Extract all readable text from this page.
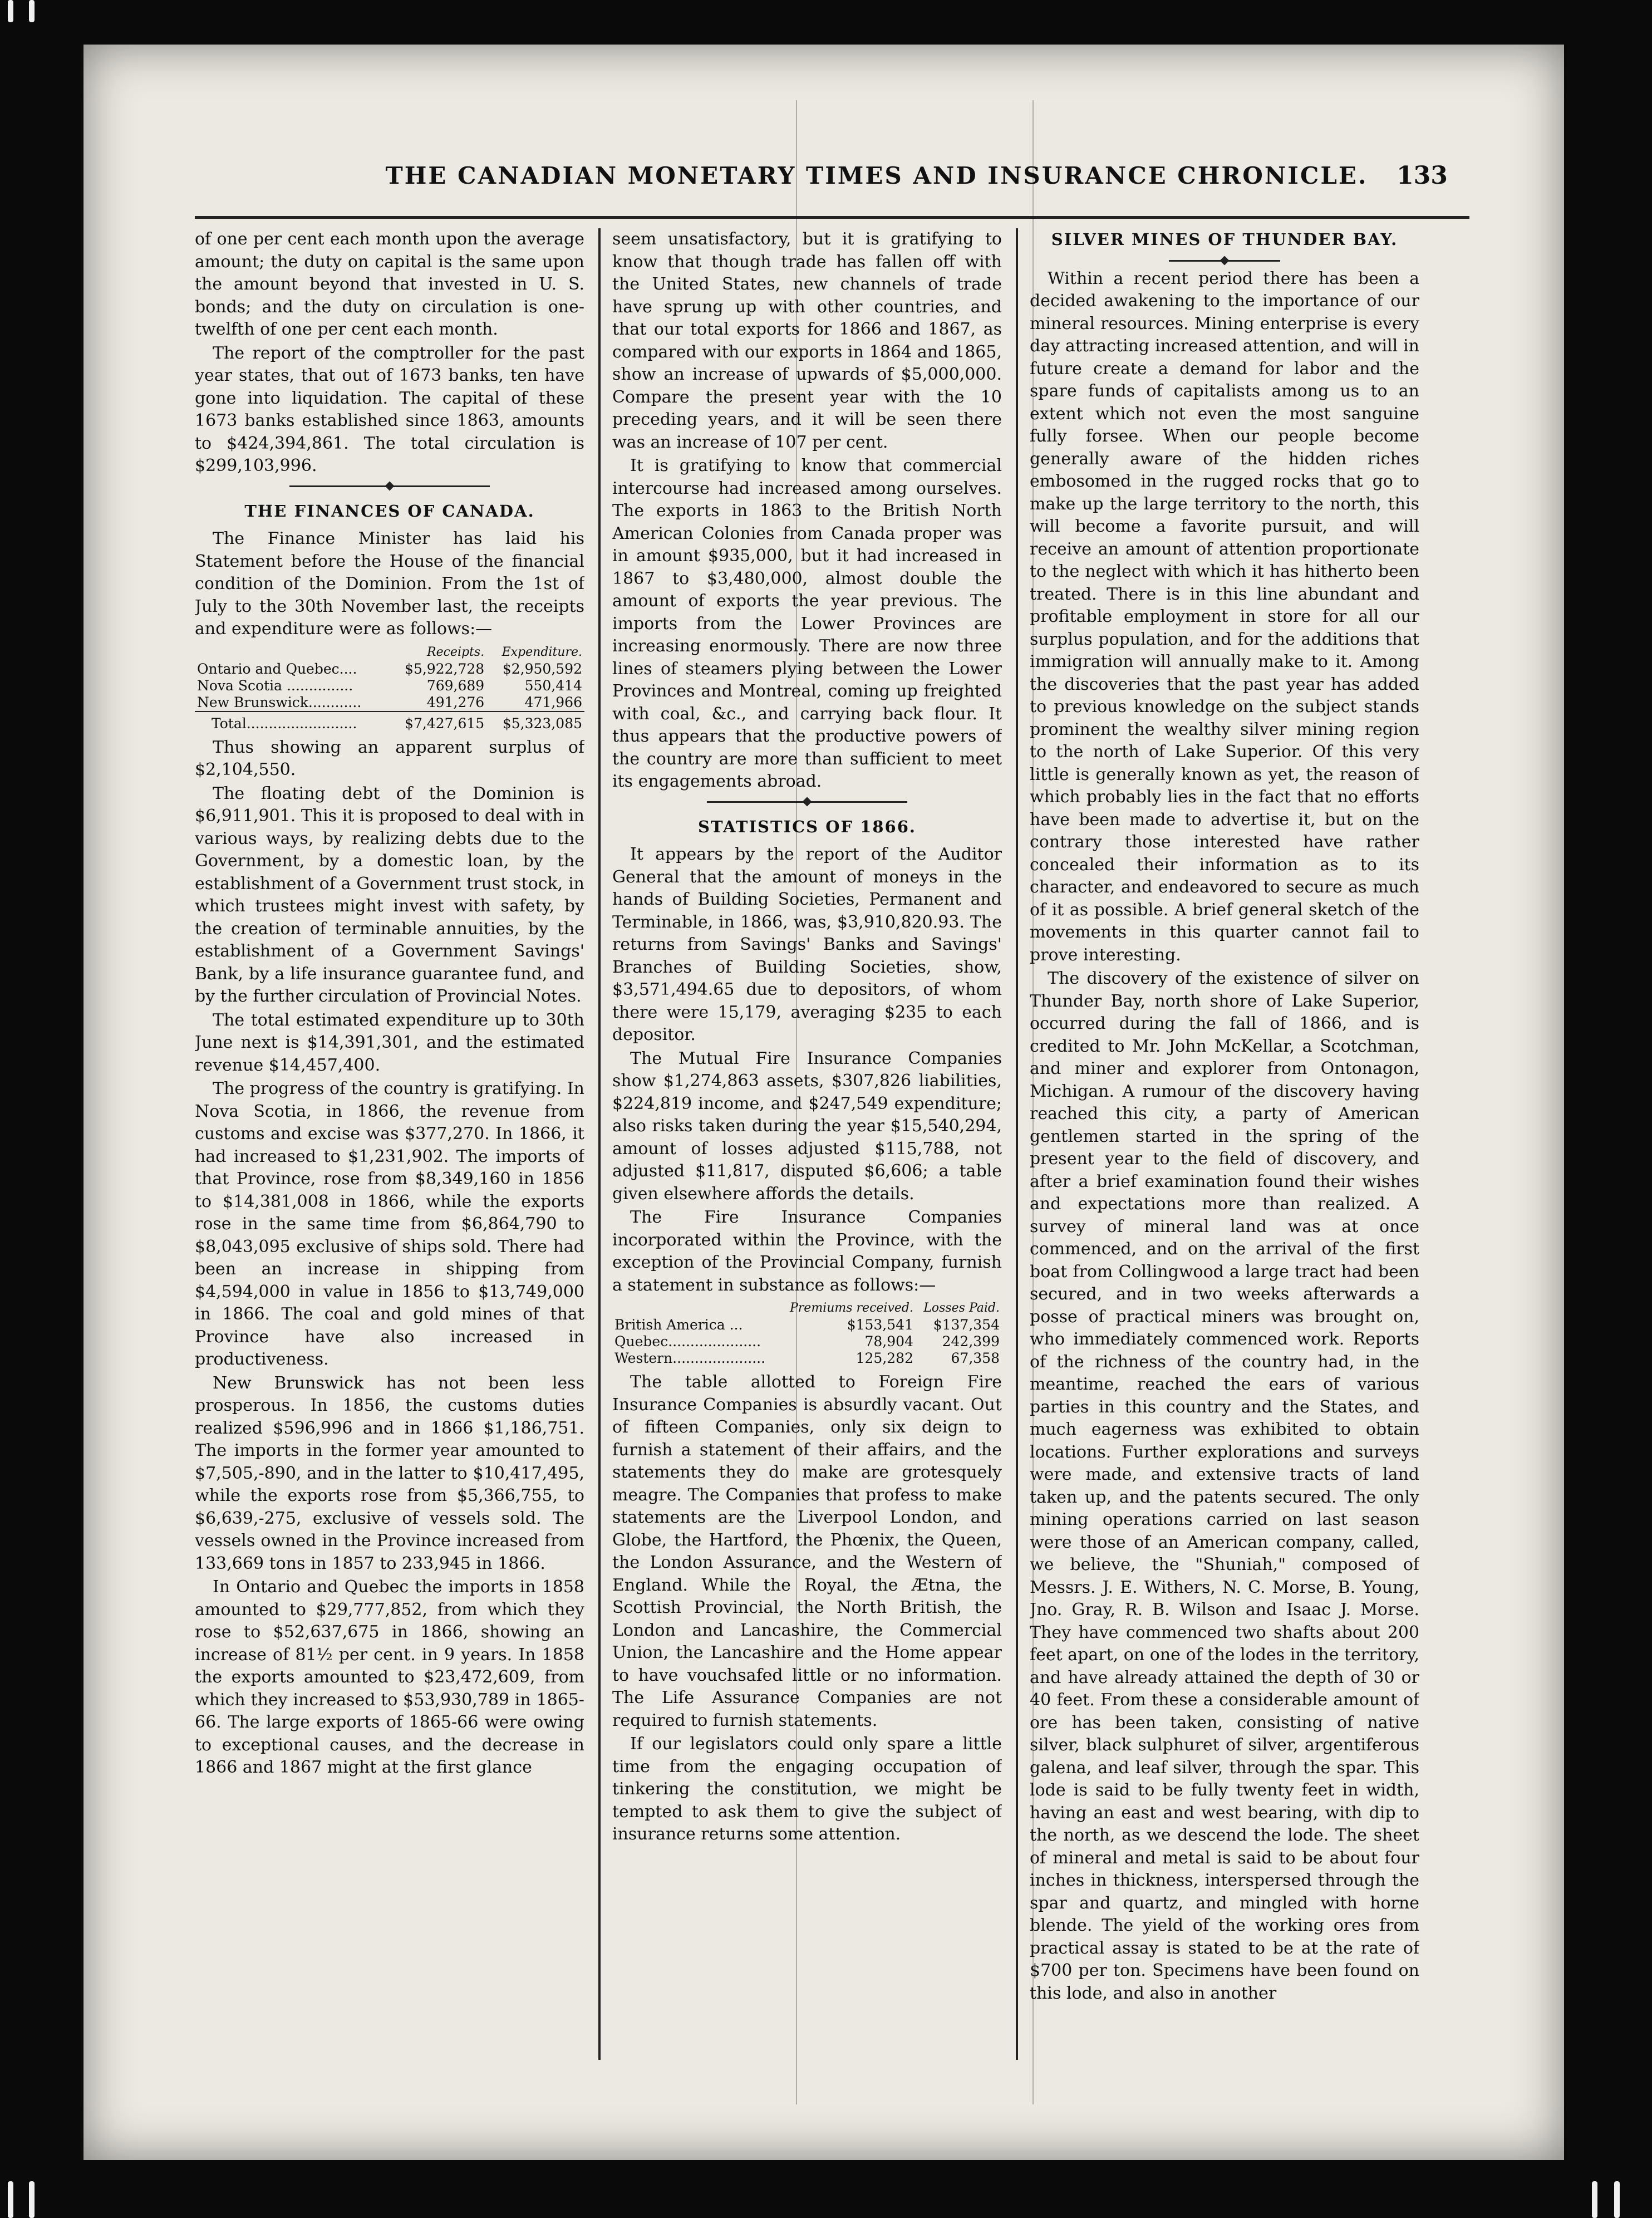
THE CANADIAN MONETARY TIMES AND INSURANCE CHRONICLE.	133

of one per cent each month upon the average amount; the duty on capital is the same upon the amount beyond that invested in U. S. bonds; and the duty on circulation is one-twelfth of one per cent each month.

The report of the comptroller for the past year states, that out of 1673 banks, ten have gone into liquidation. The capital of these 1673 banks established since 1863, amounts to $424,394,861. The total circulation is $299,103,996.

THE FINANCES OF CANADA.

The Finance Minister has laid his Statement before the House of the financial condition of the Dominion. From the 1st of July to the 30th November last, the receipts and expenditure were as follows:—

	Receipts.	Expenditure.
Ontario and Quebec....	$5,922,728	$2,950,592
Nova Scotia ...............	769,689	550,414
New Brunswick............	491,276	471,966
Total.........................	$7,427,615	$5,323,085

Thus showing an apparent surplus of $2,104,550.

The floating debt of the Dominion is $6,911,901. This it is proposed to deal with in various ways, by realizing debts due to the Government, by a domestic loan, by the establishment of a Government trust stock, in which trustees might invest with safety, by the creation of terminable annuities, by the establishment of a Government Savings' Bank, by a life insurance guarantee fund, and by the further circulation of Provincial Notes.

The total estimated expenditure up to 30th June next is $14,391,301, and the estimated revenue $14,457,400.

The progress of the country is gratifying. In Nova Scotia, in 1866, the revenue from customs and excise was $377,270. In 1866, it had increased to $1,231,902. The imports of that Province, rose from $8,349,160 in 1856 to $14,381,008 in 1866, while the exports rose in the same time from $6,864,790 to $8,043,095 exclusive of ships sold. There had been an increase in shipping from $4,594,000 in value in 1856 to $13,749,000 in 1866. The coal and gold mines of that Province have also increased in productiveness.

New Brunswick has not been less prosperous. In 1856, the customs duties realized $596,996 and in 1866 $1,186,751. The imports in the former year amounted to $7,505,-890, and in the latter to $10,417,495, while the exports rose from $5,366,755, to $6,639,-275, exclusive of vessels sold. The vessels owned in the Province increased from 133,669 tons in 1857 to 233,945 in 1866.

In Ontario and Quebec the imports in 1858 amounted to $29,777,852, from which they rose to $52,637,675 in 1866, showing an increase of 81½ per cent. in 9 years. In 1858 the exports amounted to $23,472,609, from which they increased to $53,930,789 in 1865-66. The large exports of 1865-66 were owing to exceptional causes, and the decrease in 1866 and 1867 might at the first glance

seem unsatisfactory, but it is gratifying to know that though trade has fallen off with the United States, new channels of trade have sprung up with other countries, and that our total exports for 1866 and 1867, as compared with our exports in 1864 and 1865, show an increase of upwards of $5,000,000. Compare the present year with the 10 preceding years, and it will be seen there was an increase of 107 per cent.

It is gratifying to know that commercial intercourse had increased among ourselves. The exports in 1863 to the British North American Colonies from Canada proper was in amount $935,000, but it had increased in 1867 to $3,480,000, almost double the amount of exports the year previous. The imports from the Lower Provinces are increasing enormously. There are now three lines of steamers plying between the Lower Provinces and Montreal, coming up freighted with coal, &c., and carrying back flour. It thus appears that the productive powers of the country are more than sufficient to meet its engagements abroad.

STATISTICS OF 1866.

It appears by the report of the Auditor General that the amount of moneys in the hands of Building Societies, Permanent and Terminable, in 1866, was, $3,910,820.93. The returns from Savings' Banks and Savings' Branches of Building Societies, show, $3,571,494.65 due to depositors, of whom there were 15,179, averaging $235 to each depositor.

The Mutual Fire Insurance Companies show $1,274,863 assets, $307,826 liabilities, $224,819 income, and $247,549 expenditure; also risks taken during the year $15,540,294, amount of losses adjusted $115,788, not adjusted $11,817, disputed $6,606; a table given elsewhere affords the details.

The Fire Insurance Companies incorporated within the Province, with the exception of the Provincial Company, furnish a statement in substance as follows:—

	Premiums received.	Losses Paid.
British America ...	$153,541	$137,354
Quebec.....................	78,904	242,399
Western.....................	125,282	67,358

The table allotted to Foreign Fire Insurance Companies is absurdly vacant. Out of fifteen Companies, only six deign to furnish a statement of their affairs, and the statements they do make are grotesquely meagre. The Companies that profess to make statements are the Liverpool London, and Globe, the Hartford, the Phœnix, the Queen, the London Assurance, and the Western of England. While the Royal, the Ætna, the Scottish Provincial, the North British, the London and Lancashire, the Commercial Union, the Lancashire and the Home appear to have vouchsafed little or no information. The Life Assurance Companies are not required to furnish statements.

If our legislators could only spare a little time from the engaging occupation of tinkering the constitution, we might be tempted to ask them to give the subject of insurance returns some attention.

SILVER MINES OF THUNDER BAY.

Within a recent period there has been a decided awakening to the importance of our mineral resources. Mining enterprise is every day attracting increased attention, and will in future create a demand for labor and the spare funds of capitalists among us to an extent which not even the most sanguine fully forsee. When our people become generally aware of the hidden riches embosomed in the rugged rocks that go to make up the large territory to the north, this will become a favorite pursuit, and will receive an amount of attention proportionate to the neglect with which it has hitherto been treated. There is in this line abundant and profitable employment in store for all our surplus population, and for the additions that immigration will annually make to it. Among the discoveries that the past year has added to previous knowledge on the subject stands prominent the wealthy silver mining region to the north of Lake Superior. Of this very little is generally known as yet, the reason of which probably lies in the fact that no efforts have been made to advertise it, but on the contrary those interested have rather concealed their information as to its character, and endeavored to secure as much of it as possible. A brief general sketch of the movements in this quarter cannot fail to prove interesting.

The discovery of the existence of silver on Thunder Bay, north shore of Lake Superior, occurred during the fall of 1866, and is credited to Mr. John McKellar, a Scotchman, and miner and explorer from Ontonagon, Michigan. A rumour of the discovery having reached this city, a party of American gentlemen started in the spring of the present year to the field of discovery, and after a brief examination found their wishes and expectations more than realized. A survey of mineral land was at once commenced, and on the arrival of the first boat from Collingwood a large tract had been secured, and in two weeks afterwards a posse of practical miners was brought on, who immediately commenced work. Reports of the richness of the country had, in the meantime, reached the ears of various parties in this country and the States, and much eagerness was exhibited to obtain locations. Further explorations and surveys were made, and extensive tracts of land taken up, and the patents secured. The only mining operations carried on last season were those of an American company, called, we believe, the "Shuniah," composed of Messrs. J. E. Withers, N. C. Morse, B. Young, Jno. Gray, R. B. Wilson and Isaac J. Morse. They have commenced two shafts about 200 feet apart, on one of the lodes in the territory, and have already attained the depth of 30 or 40 feet. From these a considerable amount of ore has been taken, consisting of native silver, black sulphuret of silver, argentiferous galena, and leaf silver, through the spar. This lode is said to be fully twenty feet in width, having an east and west bearing, with dip to the north, as we descend the lode. The sheet of mineral and metal is said to be about four inches in thickness, interspersed through the spar and quartz, and mingled with horne blende. The yield of the working ores from practical assay is stated to be at the rate of $700 per ton. Specimens have been found on this lode, and also in another
